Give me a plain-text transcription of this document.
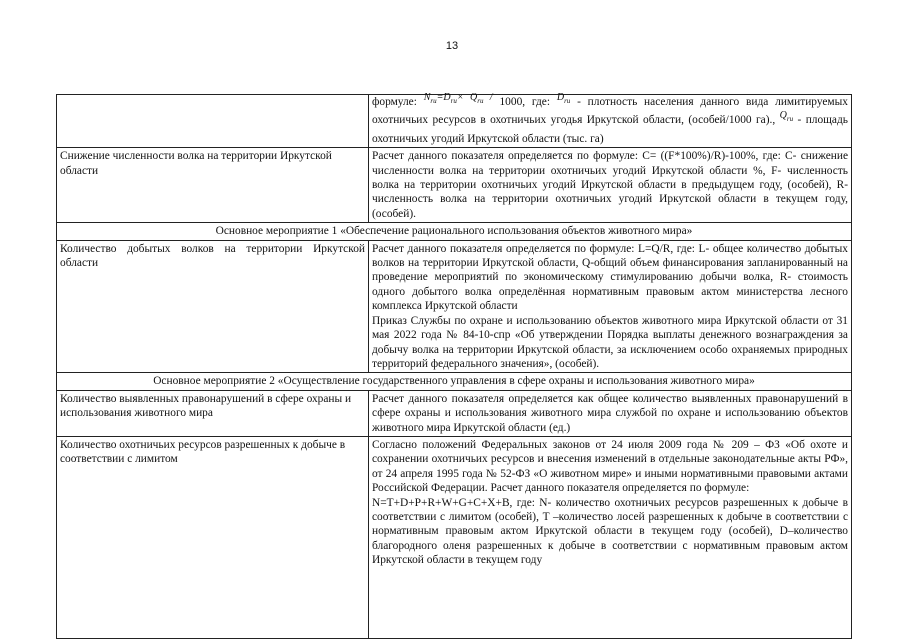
13
	формуле: $N_{ru}=D_{ru}\times Q_{ru} / 1000$, где: $D_{ru}$ - плотность населения данного вида лимитируемых охотничьих ресурсов в охотничьих угодья Иркутской области, (особей/1000 га)., $Q_{ru}$ - площадь охотничьих угодий Иркутской области (тыс. га)
Снижение численности волка на территории Иркутской области	Расчет данного показателя определяется по формуле: C= ((F*100%)/R)-100%, где: C- снижение численности волка на территории охотничьих угодий Иркутской области %, F- численность волка на территории охотничьих угодий Иркутской области в предыдущем году, (особей), R- численность волка на территории охотничьих угодий Иркутской области в текущем году, (особей).
Основное мероприятие 1 «Обеспечение рационального использования объектов животного мира»	
Количество добытых волков на территории Иркутской области	Расчет данного показателя определяется по формуле: L=Q/R, где: L- общее количество добытых волков на территории Иркутской области, Q-общий объем финансирования запланированный на проведение мероприятий по экономическому стимулированию добычи волка, R- стоимость одного добытого волка определённая нормативным правовым актом министерства лесного комплекса Иркутской области
Приказ Службы по охране и использованию объектов животного мира Иркутской области от 31 мая 2022 года № 84-10-спр «Об утверждении Порядка выплаты денежного вознаграждения за добычу волка на территории Иркутской области, за исключением особо охраняемых природных территорий федерального значения», (особей).

Основное мероприятие 2 «Осуществление государственного управления в сфере охраны и использования животного мира»	
Количество выявленных правонарушений в сфере охраны и использования животного мира	Расчет данного показателя определяется как общее количество выявленных правонарушений в сфере охраны и использования животного мира службой по охране и использованию объектов животного мира Иркутской области (ед.)
Количество охотничьих ресурсов разрешенных к добыче в соответствии с лимитом	Согласно положений Федеральных законов от 24 июля 2009 года № 209 – ФЗ «Об охоте и сохранении охотничьих ресурсов и внесения изменений в отдельные законодательные акты РФ», от 24 апреля 1995 года № 52-ФЗ «О животном мире» и иными нормативными правовыми актами Российской Федерации. Расчет данного показателя определяется по формуле:
N=T+D+P+R+W+G+C+X+B, где: N- количество охотничьих ресурсов разрешенных к добыче в соответствии с лимитом (особей), T –количество лосей разрешенных к добыче в соответствии с нормативным правовым актом Иркутской области в текущем году (особей), D–количество благородного оленя разрешенных к добыче в соответствии с нормативным правовым актом Иркутской области в текущем году
